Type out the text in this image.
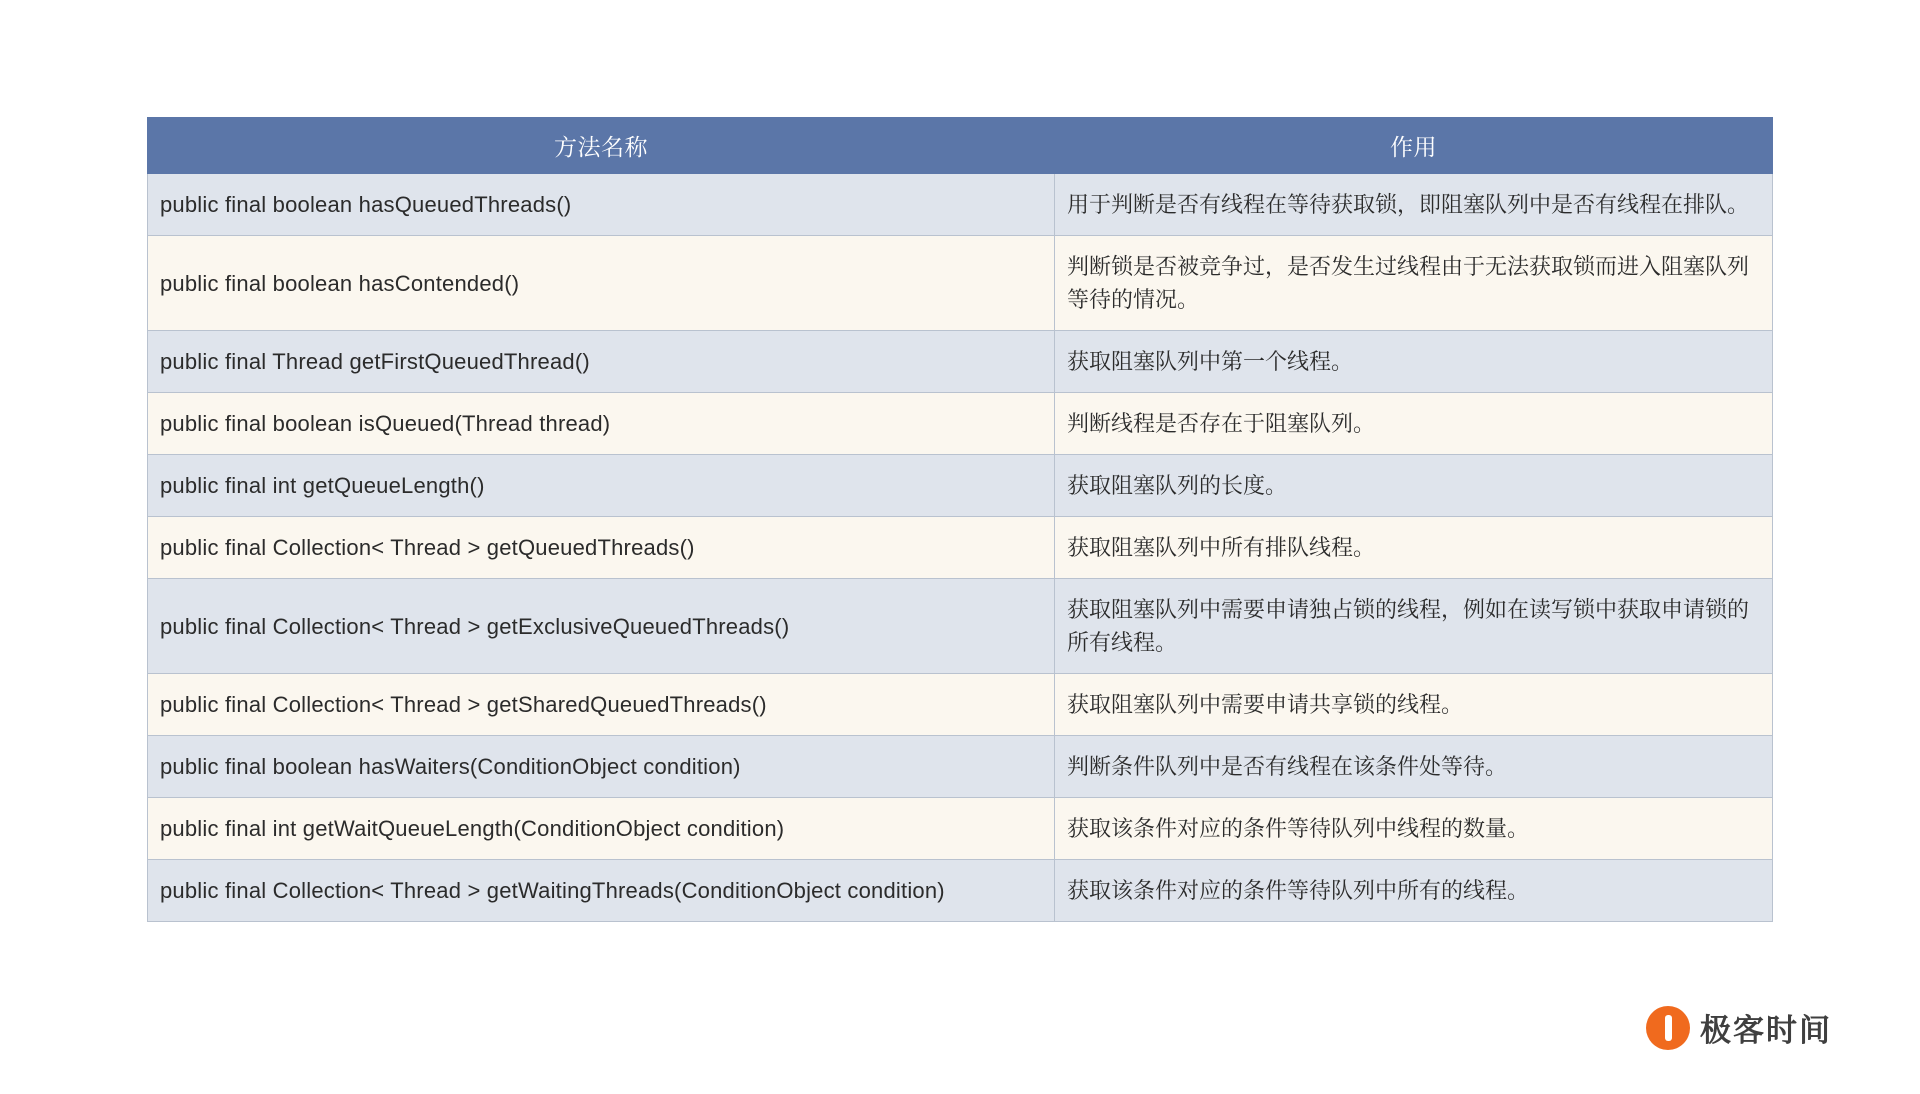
方法名称	作用
public final boolean hasQueuedThreads()	用于判断是否有线程在等待获取锁，即阻塞队列中是否有线程在排队。
public final boolean hasContended()	判断锁是否被竞争过，是否发生过线程由于无法获取锁而进入阻塞队列等待的情况。
public final Thread getFirstQueuedThread()	获取阻塞队列中第一个线程。
public final boolean isQueued(Thread thread)	判断线程是否存在于阻塞队列。
public final int getQueueLength()	获取阻塞队列的长度。
public final Collection< Thread > getQueuedThreads()	获取阻塞队列中所有排队线程。
public final Collection< Thread > getExclusiveQueuedThreads()	获取阻塞队列中需要申请独占锁的线程，例如在读写锁中获取申请锁的所有线程。
public final Collection< Thread > getSharedQueuedThreads()	获取阻塞队列中需要申请共享锁的线程。
public final boolean hasWaiters(ConditionObject condition)	判断条件队列中是否有线程在该条件处等待。
public final int getWaitQueueLength(ConditionObject condition)	获取该条件对应的条件等待队列中线程的数量。
public final Collection< Thread > getWaitingThreads(ConditionObject condition)	获取该条件对应的条件等待队列中所有的线程。
极客时间
